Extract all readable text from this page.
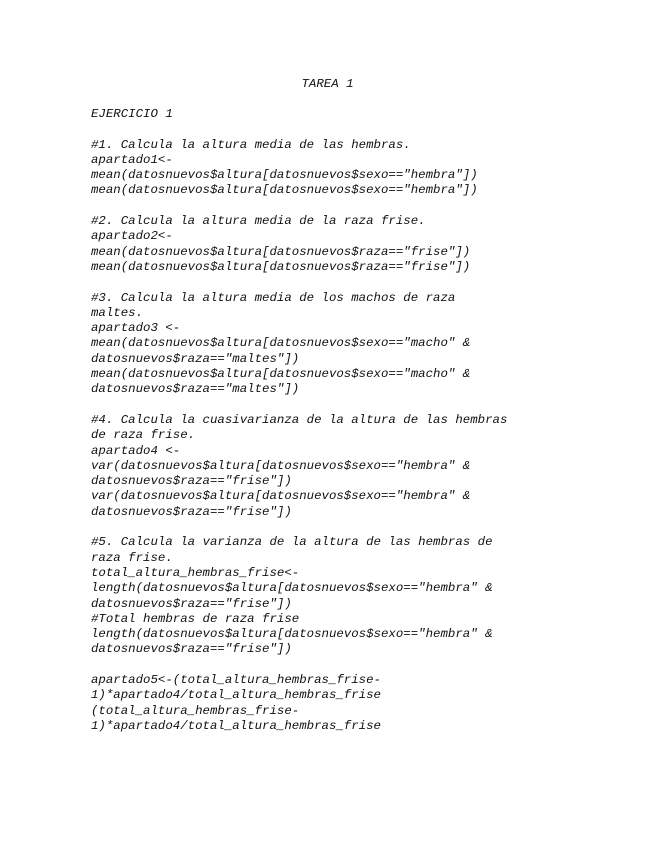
TAREA 1
EJERCICIO 1
#1. Calcula la altura media de las hembras.
apartado1<-
mean(datosnuevos$altura[datosnuevos$sexo=="hembra"])
mean(datosnuevos$altura[datosnuevos$sexo=="hembra"])
#2. Calcula la altura media de la raza frise.
apartado2<-
mean(datosnuevos$altura[datosnuevos$raza=="frise"])
mean(datosnuevos$altura[datosnuevos$raza=="frise"])
#3. Calcula la altura media de los machos de raza
maltes.
apartado3 <-
mean(datosnuevos$altura[datosnuevos$sexo=="macho" &
datosnuevos$raza=="maltes"])
mean(datosnuevos$altura[datosnuevos$sexo=="macho" &
datosnuevos$raza=="maltes"])
#4. Calcula la cuasivarianza de la altura de las hembras
de raza frise.
apartado4 <-
var(datosnuevos$altura[datosnuevos$sexo=="hembra" &
datosnuevos$raza=="frise"])
var(datosnuevos$altura[datosnuevos$sexo=="hembra" &
datosnuevos$raza=="frise"])
#5. Calcula la varianza de la altura de las hembras de
raza frise.
total_altura_hembras_frise<-
length(datosnuevos$altura[datosnuevos$sexo=="hembra" &
datosnuevos$raza=="frise"])
#Total hembras de raza frise
length(datosnuevos$altura[datosnuevos$sexo=="hembra" &
datosnuevos$raza=="frise"])
apartado5<-(total_altura_hembras_frise-
1)*apartado4/total_altura_hembras_frise
(total_altura_hembras_frise-
1)*apartado4/total_altura_hembras_frise
